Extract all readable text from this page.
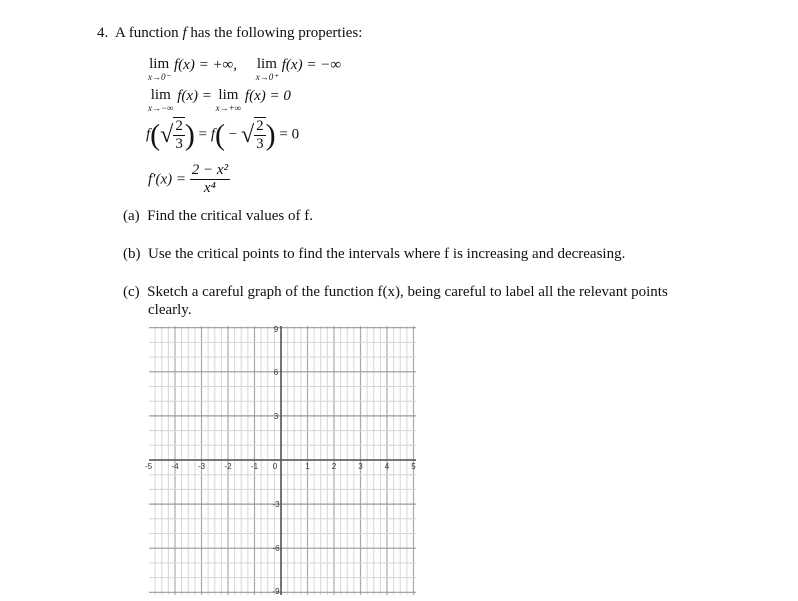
4. A function f has the following properties:
lim
x→0⁻
f(x) = +∞, lim
x→0⁺
f(x) = −∞
lim
x→−∞
f(x) = lim
x→+∞
f(x) = 0
$f(√ \frac{2}{3}$ ) = f( − √ $\frac{2}{3}$ ) = 0
$f'(x) = \frac{\text{2 − x²}}{\text{x⁴}}$
(a) Find the critical values of f.
(b) Use the critical points to find the intervals where f is increasing and decreasing.
(c) Sketch a careful graph of the function f(x), being careful to label all the relevant points
clearly.
-5 -4 -3 -2 -1 0	1	2	3	4	5
9
6
3
-3
-6
-9
